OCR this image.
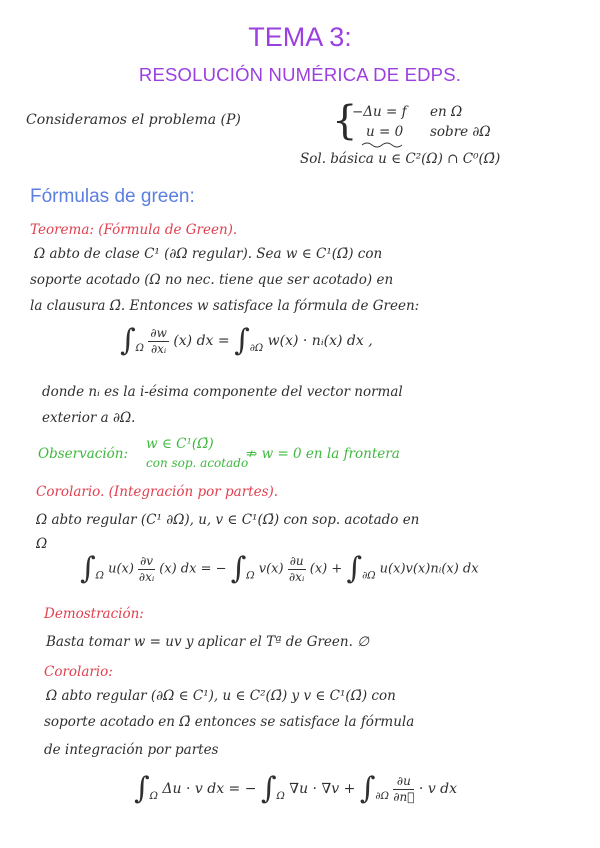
TEMA 3:
RESOLUCIÓN NUMÉRICA DE EDPS.
Consideramos el problema (P) {
−Δu = f en Ω
u = 0 sobre ∂Ω
Sol. básica u ∈ C²(Ω) ∩ C⁰(Ω̄)
Fórmulas de green:
Teorema: (Fórmula de Green).
Ω abto de clase C¹ (∂Ω regular). Sea w ∈ C¹(Ω̄) con
soporte acotado (Ω no nec. tiene que ser acotado) en
la clausura Ω̄. Entonces w satisface la fórmula de Green:
$\int_\Omega \frac{\partial w}{\text{∂xᵢ}} (x)$ dx = $\int_{\partial\Omega}$ w(x) · nᵢ(x) dx ,
donde nᵢ es la i-ésima componente del vector normal
exterior a ∂Ω.
Observación:
w ∈ C¹(Ω̄)
con sop. acotado
⇏ w = 0 en la frontera
Corolario. (Integración por partes).
Ω abto regular (C¹ ∂Ω), u, v ∈ C¹(Ω̄) con sop. acotado en
Ω
$\int_\Omega$ $u(x) \frac{\partial v}{\text{∂xᵢ}} (x)$ dx = − $\int_\Omega$ $v(x) \frac{\partial u}{\text{∂xᵢ}} (x) + \int_{\partial\Omega}$ u(x)v(x)nᵢ(x) dx
Demostración:
Basta tomar w = uv y aplicar el Tª de Green. ∅
Corolario:
Ω abto regular (∂Ω ∈ C¹), u ∈ C²(Ω̄) y v ∈ C¹(Ω̄) con
soporte acotado en Ω̄ entonces se satisface la fórmula
de integración por partes
$\int_\Omega$ Δu · v dx = − $\int_\Omega$ $\nabla u \cdot \nabla v + \int_{\partial\Omega} \frac{\partial u}{\partial n⃗} \cdot v$ dx
